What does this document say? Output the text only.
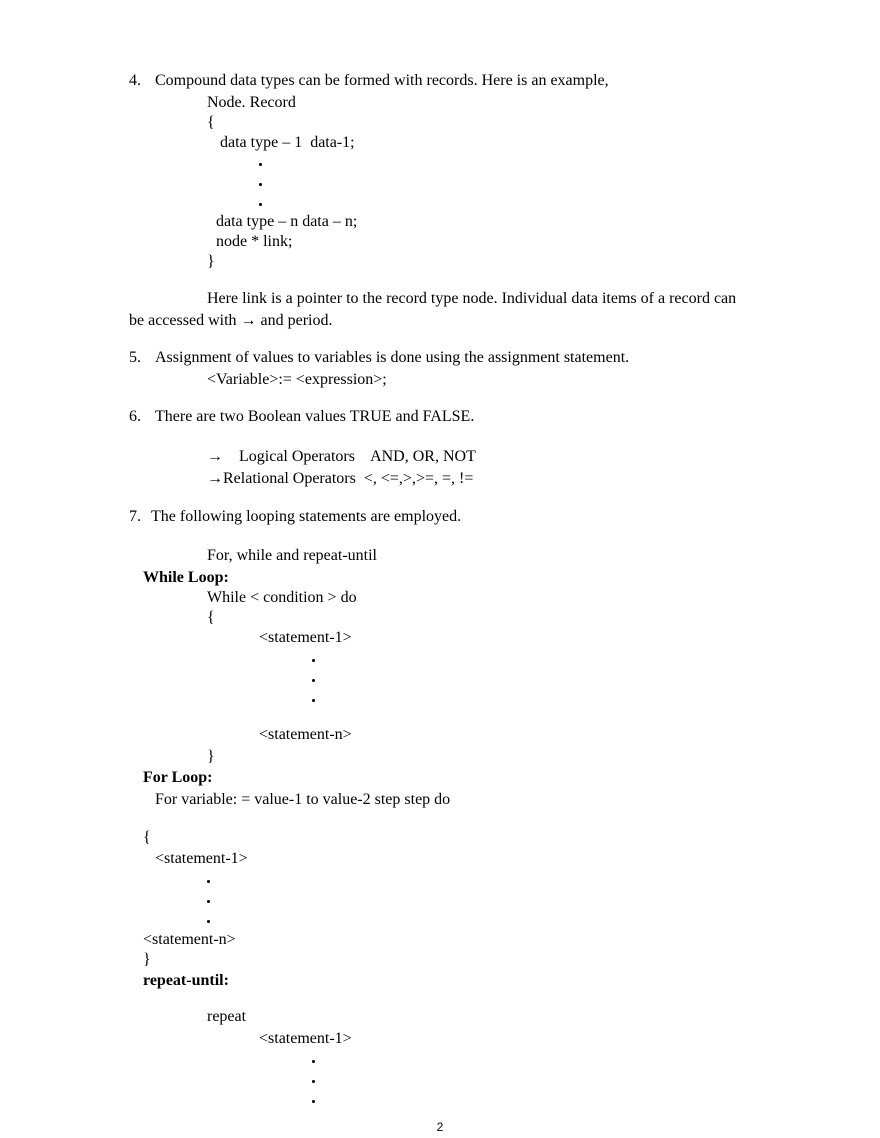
4. Compound data types can be formed with records. Here is an example,
Node. Record
{
data type – 1  data-1;
data type – n data – n;
node * link;
}
Here link is a pointer to the record type node. Individual data items of a record can
be accessed with → and period.
5. Assignment of values to variables is done using the assignment statement.
<Variable>:= <expression>;
6. There are two Boolean values TRUE and FALSE.
→    Logical Operators    AND, OR, NOT
→Relational Operators  <, <=,>,>=, =, !=
7. The following looping statements are employed.
For, while and repeat-until
While Loop:
While < condition > do
{
<statement-1>
<statement-n>
}
For Loop:
For variable: = value-1 to value-2 step step do
{
<statement-1>
<statement-n>
}
repeat-until:
repeat
<statement-1>
2
